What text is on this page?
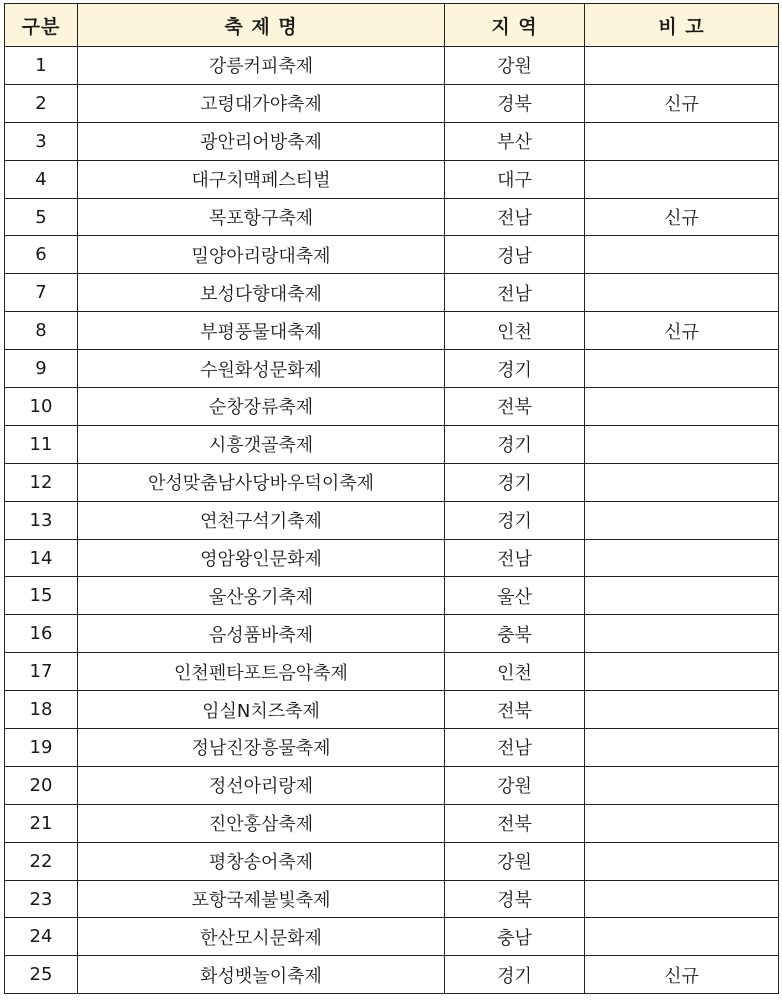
구분	축 제 명	지 역	비 고
1	강릉커피축제	강원	
2	고령대가야축제	경북	신규
3	광안리어방축제	부산	
4	대구치맥페스티벌	대구	
5	목포항구축제	전남	신규
6	밀양아리랑대축제	경남	
7	보성다향대축제	전남	
8	부평풍물대축제	인천	신규
9	수원화성문화제	경기	
10	순창장류축제	전북	
11	시흥갯골축제	경기	
12	안성맞춤남사당바우덕이축제	경기	
13	연천구석기축제	경기	
14	영암왕인문화제	전남	
15	울산옹기축제	울산	
16	음성품바축제	충북	
17	인천펜타포트음악축제	인천	
18	임실N치즈축제	전북	
19	정남진장흥물축제	전남	
20	정선아리랑제	강원	
21	진안홍삼축제	전북	
22	평창송어축제	강원	
23	포항국제불빛축제	경북	
24	한산모시문화제	충남	
25	화성뱃놀이축제	경기	신규
